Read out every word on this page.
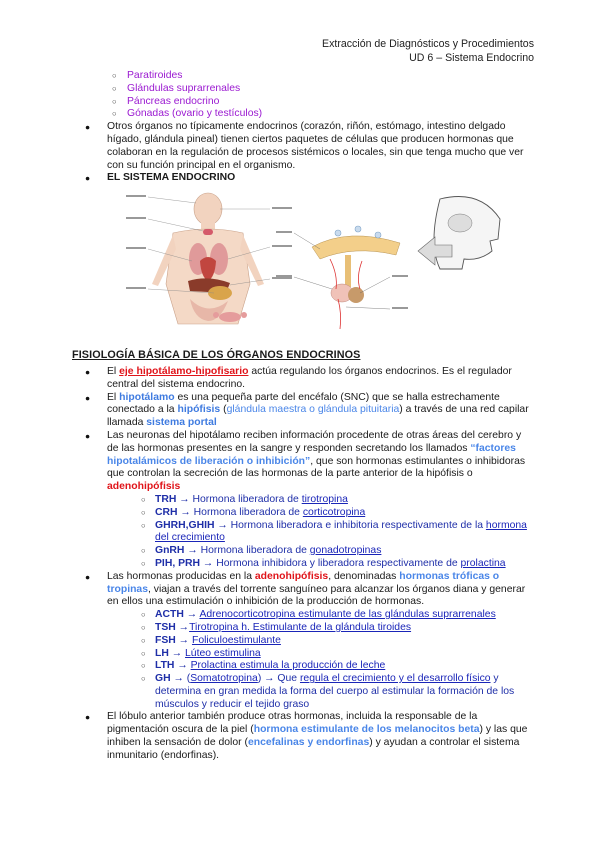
Extracción de Diagnósticos y Procedimientos
UD 6 – Sistema Endocrino
○ Paratiroides
○ Glándulas suprarrenales
○ Páncreas endocrino
○ Gónadas (ovario y testículos)
● Otros órganos no típicamente endocrinos (corazón, riñón, estómago, intestino delgado hígado, glándula pineal) tienen ciertos paquetes de células que producen hormonas que colaboran en la regulación de procesos sistémicos o locales, sin que tenga mucho que ver con su función principal en el organismo.
● EL SISTEMA ENDOCRINO
FISIOLOGÍA BÁSICA DE LOS ÓRGANOS ENDOCRINOS
● El eje hipotálamo-hipofisario actúa regulando los órganos endocrinos. Es el regulador central del sistema endocrino.
● El hipotálamo es una pequeña parte del encéfalo (SNC) que se halla estrechamente conectado a la hipófisis (glándula maestra o glándula pituitaria) a través de una red capilar llamada sistema portal
● Las neuronas del hipotálamo reciben información procedente de otras áreas del cerebro y de las hormonas presentes en la sangre y responden secretando los llamados “factores hipotalámicos de liberación o inhibición”, que son hormonas estimulantes o inhibidoras que controlan la secreción de las hormonas de la parte anterior de la hipófisis o adenohipófisis
○ TRH → Hormona liberadora de tirotropina
○ CRH → Hormona liberadora de corticotropina
○ GHRH,GHIH → Hormona liberadora e inhibitoria respectivamente de la hormona del crecimiento
○ GnRH → Hormona liberadora de gonadotropinas
○ PIH, PRH → Hormona inhibidora y liberadora respectivamente de prolactina
● Las hormonas producidas en la adenohipófisis, denominadas hormonas tróficas o tropinas, viajan a través del torrente sanguíneo para alcanzar los órganos diana y generar en ellos una estimulación o inhibición de la producción de hormonas.
○ ACTH → Adrenocorticotropina estimulante de las glándulas suprarrenales
○ TSH →Tirotropina h. Estimulante de la glándula tiroides
○ FSH → Foliculoestimulante
○ LH → Lúteo estimulina
○ LTH → Prolactina estimula la producción de leche
○ GH → (Somatotropina) → Que regula el crecimiento y el desarrollo físico y determina en gran medida la forma del cuerpo al estimular la formación de los músculos y reducir el tejido graso
● El lóbulo anterior también produce otras hormonas, incluida la responsable de la pigmentación oscura de la piel (hormona estimulante de los melanocitos beta) y las que inhiben la sensación de dolor (encefalinas y endorfinas) y ayudan a controlar el sistema inmunitario (endorfinas).
